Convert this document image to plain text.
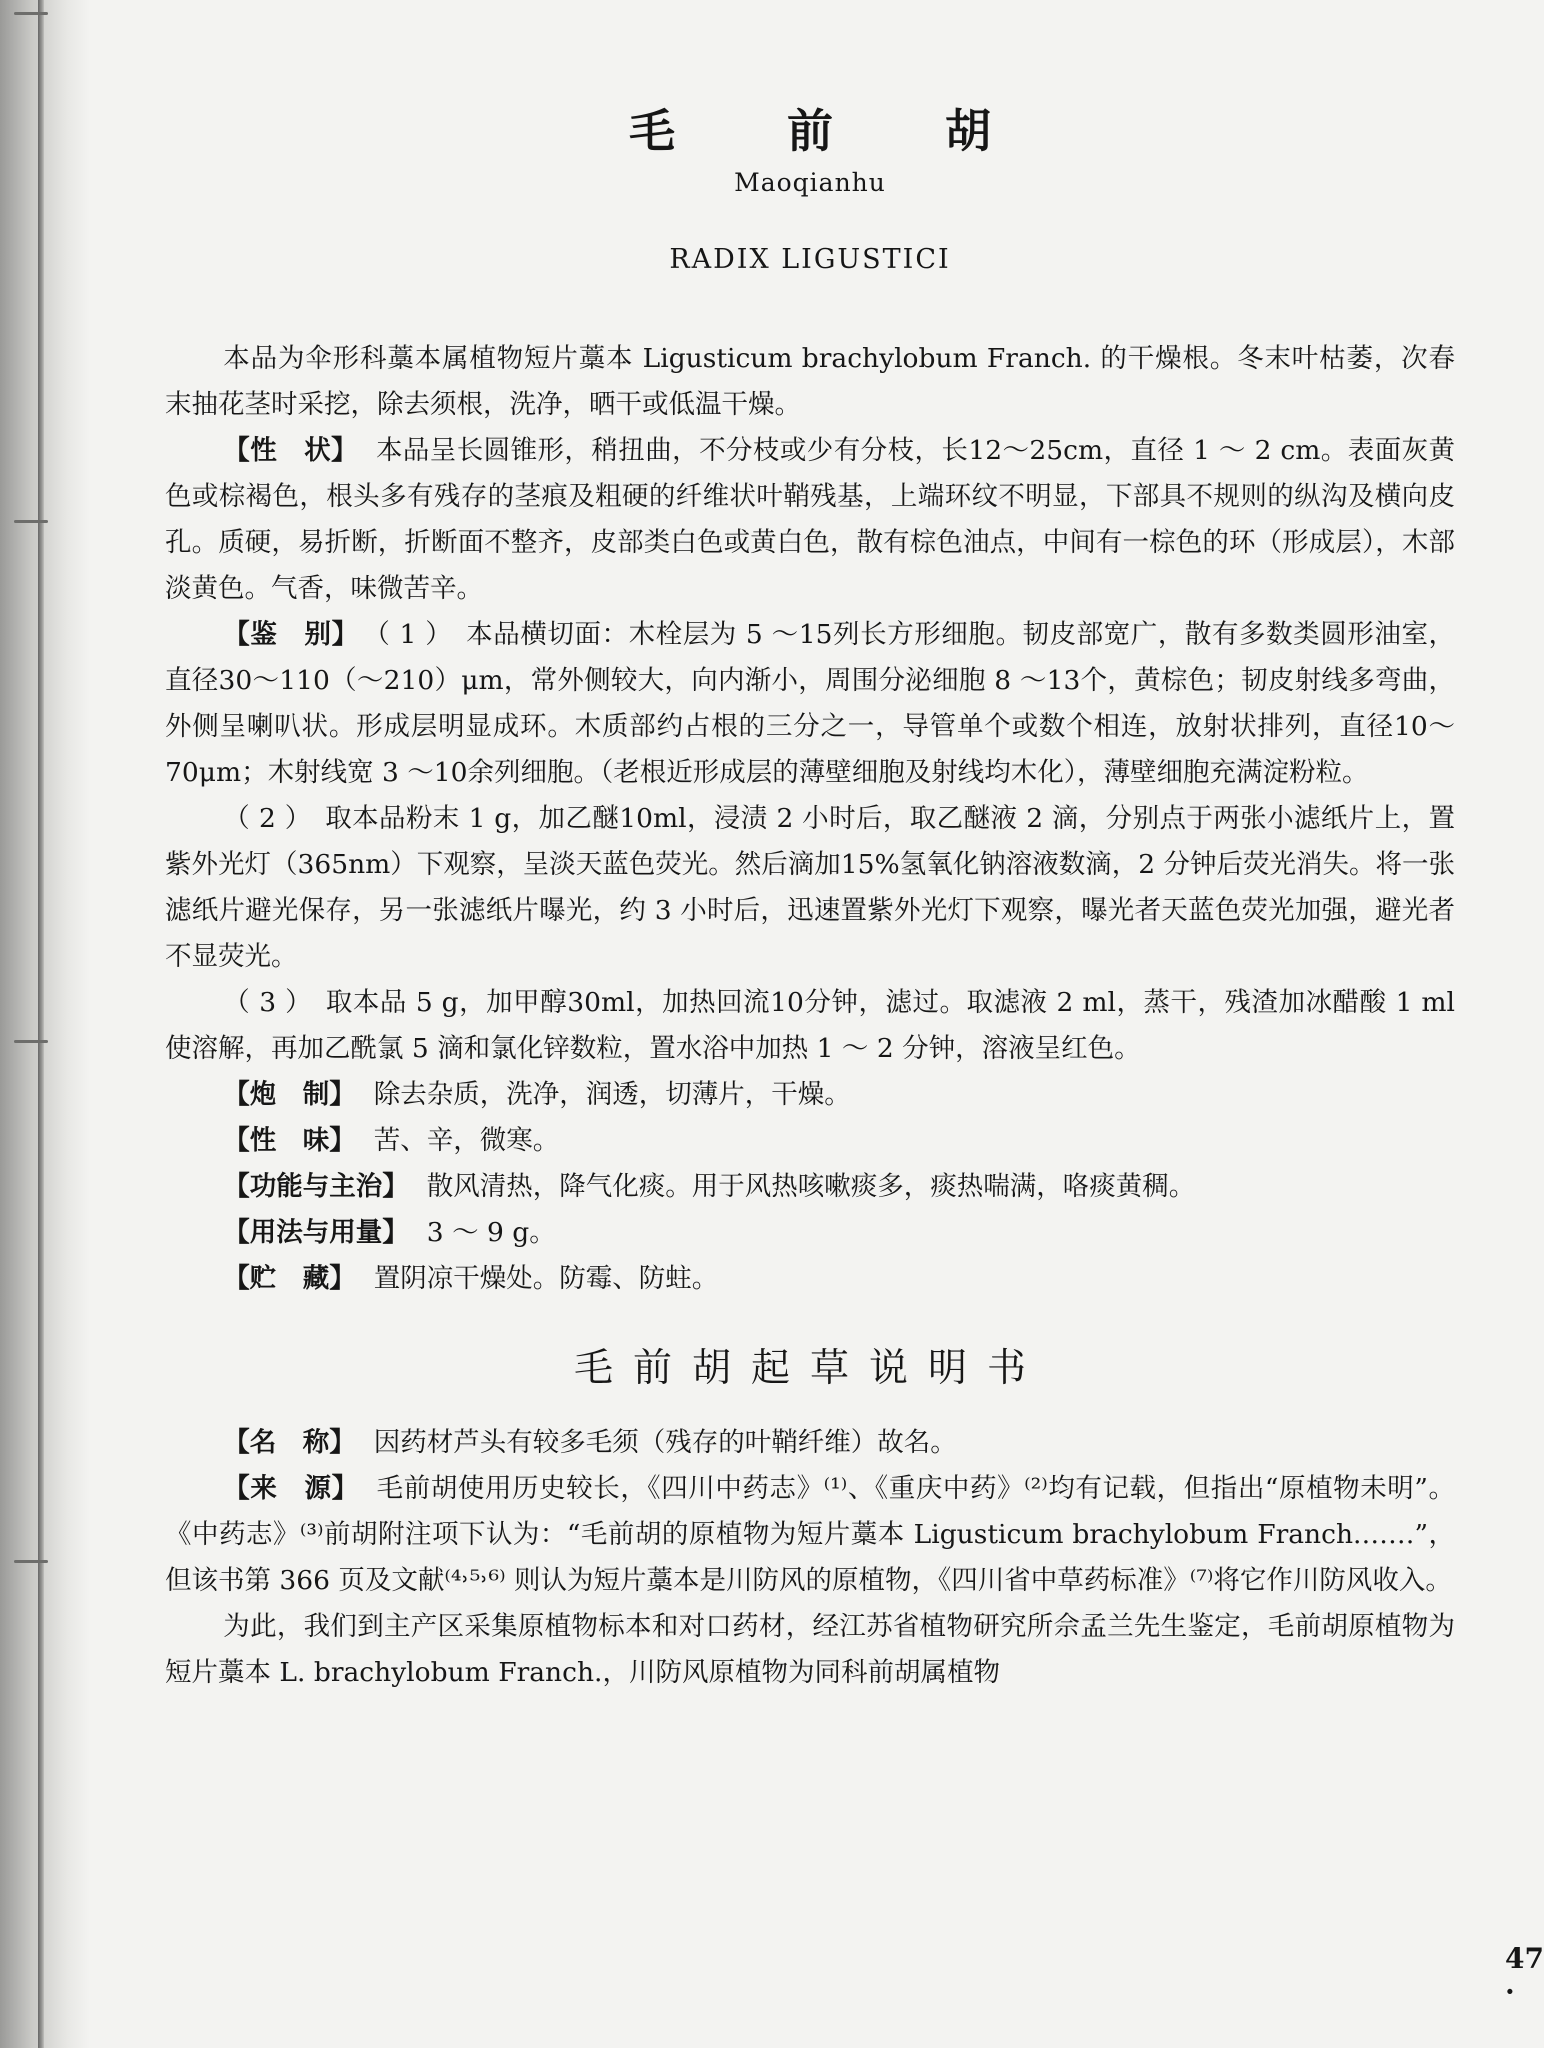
毛 前 胡
Maoqianhu
RADIX LIGUSTICI

本品为伞形科藁本属植物短片藁本 Ligusticum brachylobum Franch. 的干燥根。冬末叶枯萎，次春末抽花茎时采挖，除去须根，洗净，晒干或低温干燥。

【性　状】 本品呈长圆锥形，稍扭曲，不分枝或少有分枝，长12～25cm，直径 1 ～ 2 cm。表面灰黄色或棕褐色，根头多有残存的茎痕及粗硬的纤维状叶鞘残基，上端环纹不明显，下部具不规则的纵沟及横向皮孔。质硬，易折断，折断面不整齐，皮部类白色或黄白色，散有棕色油点，中间有一棕色的环（形成层），木部淡黄色。气香，味微苦辛。

【鉴　别】 （ 1 ）　本品横切面：木栓层为 5 ～15列长方形细胞。韧皮部宽广，散有多数类圆形油室，直径30～110（～210）μm，常外侧较大，向内渐小，周围分泌细胞 8 ～13个，黄棕色；韧皮射线多弯曲，外侧呈喇叭状。形成层明显成环。木质部约占根的三分之一，导管单个或数个相连，放射状排列，直径10～70μm；木射线宽 3 ～10余列细胞。（老根近形成层的薄壁细胞及射线均木化），薄壁细胞充满淀粉粒。

（ 2 ）　取本品粉末 1 g，加乙醚10ml，浸渍 2 小时后，取乙醚液 2 滴，分别点于两张小滤纸片上，置紫外光灯（365nm）下观察，呈淡天蓝色荧光。然后滴加15%氢氧化钠溶液数滴，2 分钟后荧光消失。将一张滤纸片避光保存，另一张滤纸片曝光，约 3 小时后，迅速置紫外光灯下观察，曝光者天蓝色荧光加强，避光者不显荧光。

（ 3 ）　取本品 5 g，加甲醇30ml，加热回流10分钟，滤过。取滤液 2 ml，蒸干，残渣加冰醋酸 1 ml使溶解，再加乙酰氯 5 滴和氯化锌数粒，置水浴中加热 1 ～ 2 分钟，溶液呈红色。

【炮　制】 除去杂质，洗净，润透，切薄片，干燥。

【性　味】 苦、辛，微寒。

【功能与主治】 散风清热，降气化痰。用于风热咳嗽痰多，痰热喘满，咯痰黄稠。

【用法与用量】 3 ～ 9 g。

【贮　藏】 置阴凉干燥处。防霉、防蛀。

毛前胡起草说明书

【名　称】 因药材芦头有较多毛须（残存的叶鞘纤维）故名。

【来　源】 毛前胡使用历史较长，《四川中药志》⁽¹⁾、《重庆中药》⁽²⁾均有记载，但指出“原植物未明”。《中药志》⁽³⁾前胡附注项下认为：“毛前胡的原植物为短片藁本 Ligusticum brachylobum Franch.……”，但该书第 366 页及文献⁽⁴˒⁵˒⁶⁾ 则认为短片藁本是川防风的原植物，《四川省中草药标准》⁽⁷⁾将它作川防风收入。

为此，我们到主产区采集原植物标本和对口药材，经江苏省植物研究所佘孟兰先生鉴定，毛前胡原植物为短片藁本 L. brachylobum Franch.，川防风原植物为同科前胡属植物

47 ·
